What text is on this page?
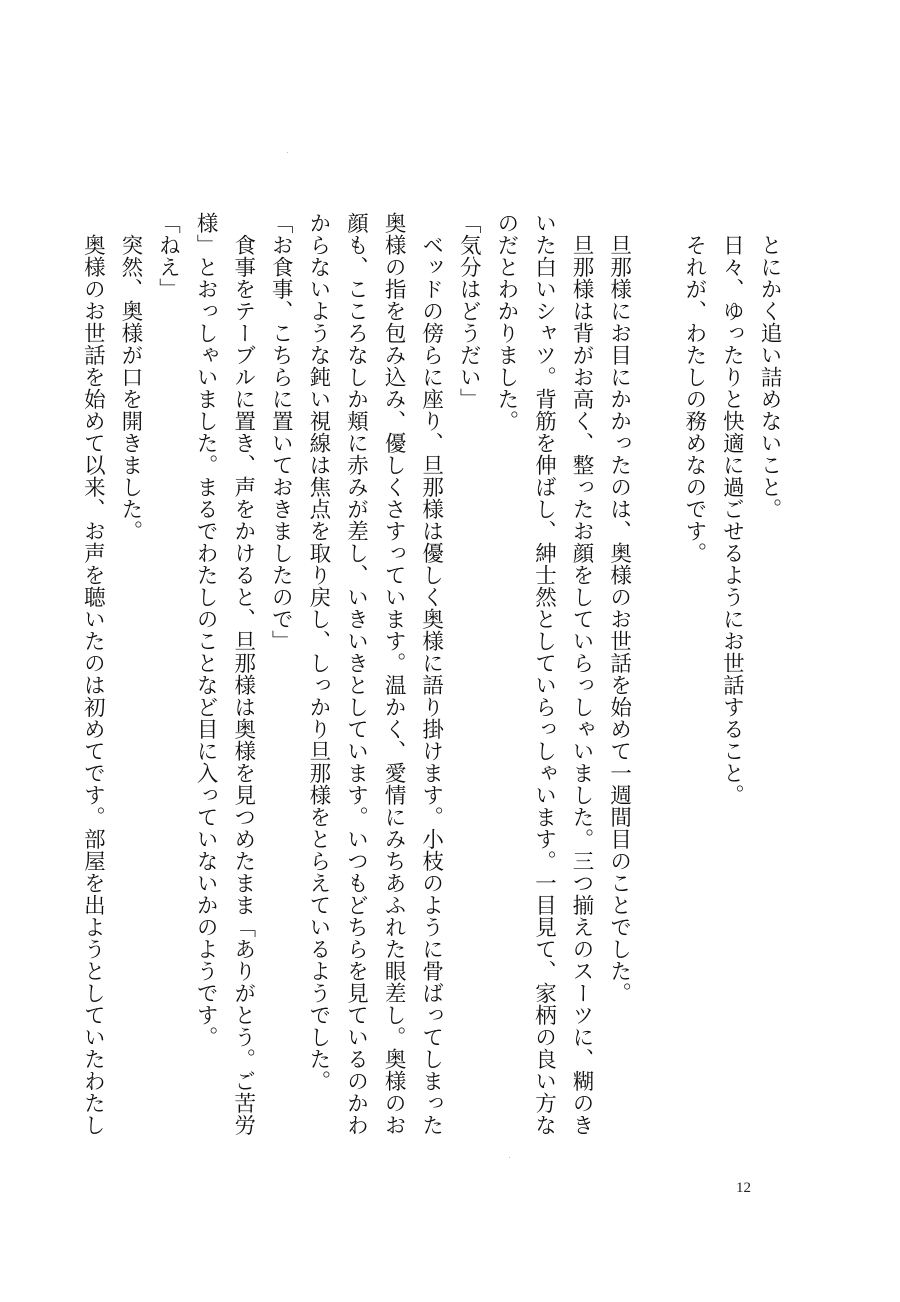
　とにかく追い詰めないこと。

　日々、ゆったりと快適に過ごせるようにお世話すること。

　それが、わたしの務めなのです。

　旦那様にお目にかかったのは、奥様のお世話を始めて一週間目のことでした。

　旦那様は背がお高く、整ったお顔をしていらっしゃいました。三つ揃えのスーツに、糊のきいた白いシャツ。背筋を伸ばし、紳士然としていらっしゃいます。一目見て、家柄の良い方なのだとわかりました。

「気分はどうだい」

　ベッドの傍らに座り、旦那様は優しく奥様に語り掛けます。小枝のように骨ばってしまった奥様の指を包み込み、優しくさすっています。温かく、愛情にみちあふれた眼差し。奥様のお顔も、こころなしか頬に赤みが差し、いきいきとしています。いつもどちらを見ているのかわからないような鈍い視線は焦点を取り戻し、しっかり旦那様をとらえているようでした。

「お食事、こちらに置いておきましたので」

　食事をテーブルに置き、声をかけると、旦那様は奥様を見つめたまま「ありがとう。ご苦労様」とおっしゃいました。まるでわたしのことなど目に入っていないかのようです。

「ねえ」

　突然、奥様が口を開きました。

　奥様のお世話を始めて以来、お声を聴いたのは初めてです。部屋を出ようとしていたわたし

12
